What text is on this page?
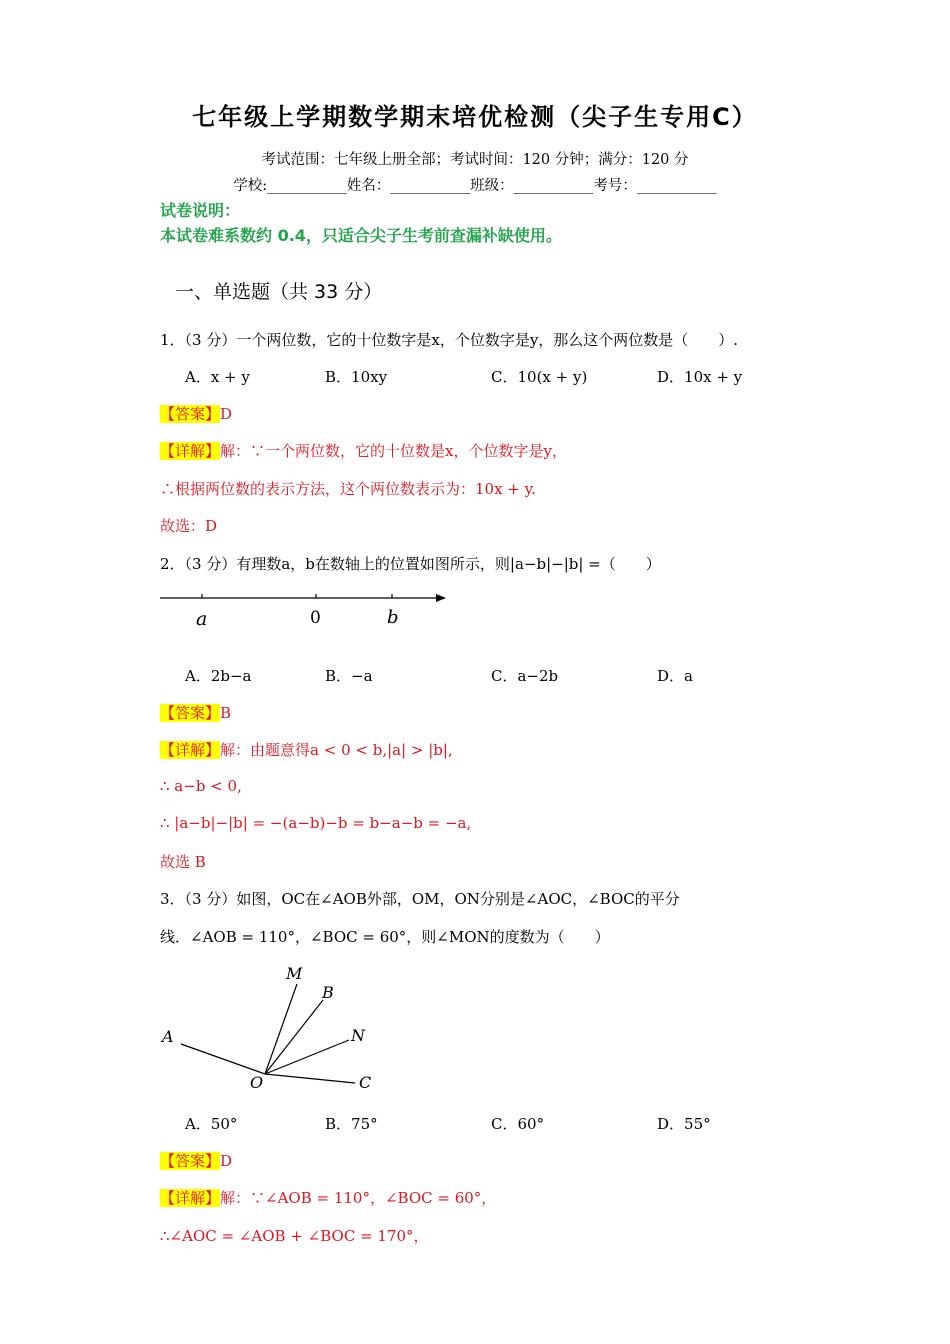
七年级上学期数学期末培优检测（尖子生专用C）
考试范围：七年级上册全部；考试时间：120 分钟；满分：120 分
学校:___________姓名：___________班级：___________考号：___________
试卷说明：
本试卷难系数约 0.4，只适合尖子生考前查漏补缺使用。
一、单选题（共 33 分）
1．（3 分）一个两位数，它的十位数字是x，个位数字是y，那么这个两位数是（　　）.
A．x + y	B．10xy	C．10(x + y)	D．10x + y
【答案】D
【详解】解：∵一个两位数，它的十位数是x，个位数字是y，
∴根据两位数的表示方法，这个两位数表示为：10x + y.
故选：D
2．（3 分）有理数a，b在数轴上的位置如图所示，则|a−b|−|b| =（　　）
a	0	b
A．2b−a	B．−a	C．a−2b	D．a
【答案】B
【详解】解：由题意得a < 0 < b,|a| > |b|,
∴ a−b < 0,
∴ |a−b|−|b| = −(a−b)−b = b−a−b = −a,
故选 B
3．（3 分）如图，OC在∠AOB外部，OM，ON分别是∠AOC，∠BOC的平分
线．∠AOB = 110°，∠BOC = 60°，则∠MON的度数为（　　）
M
B
A	N
O	C
A．50°	B．75°	C．60°	D．55°
【答案】D
【详解】解：∵∠AOB = 110°，∠BOC = 60°，
∴∠AOC = ∠AOB + ∠BOC = 170°，
